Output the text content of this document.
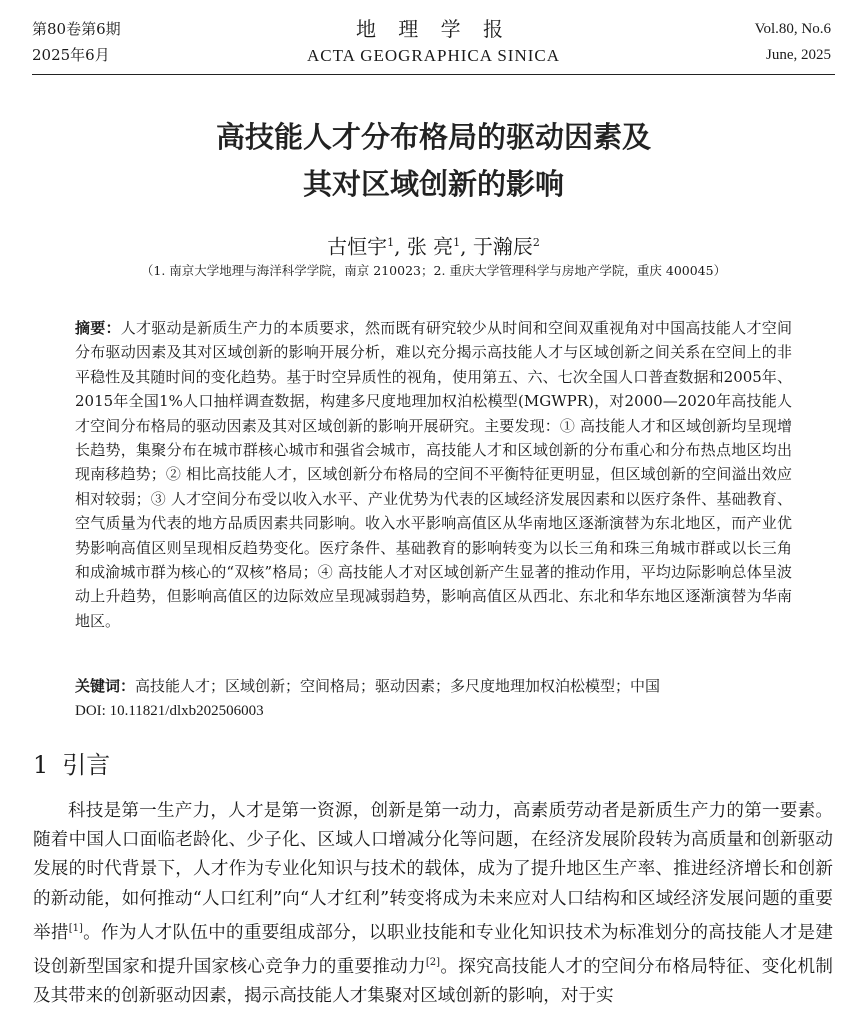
第80卷第6期
2025年6月
地 理 学 报
ACTA GEOGRAPHICA SINICA
Vol.80, No.6
June, 2025
高技能人才分布格局的驱动因素及
其对区域创新的影响
古恒宇$^1$, 张 亮$^1$, 于瀚辰$^2$
（1. 南京大学地理与海洋科学学院，南京 210023；2. 重庆大学管理科学与房地产学院，重庆 400045）
摘要：人才驱动是新质生产力的本质要求，然而既有研究较少从时间和空间双重视角对中国高技能人才空间分布驱动因素及其对区域创新的影响开展分析，难以充分揭示高技能人才与区域创新之间关系在空间上的非平稳性及其随时间的变化趋势。基于时空异质性的视角，使用第五、六、七次全国人口普查数据和2005年、2015年全国1%人口抽样调查数据，构建多尺度地理加权泊松模型(MGWPR)，对2000—2020年高技能人才空间分布格局的驱动因素及其对区域创新的影响开展研究。主要发现：① 高技能人才和区域创新均呈现增长趋势，集聚分布在城市群核心城市和强省会城市，高技能人才和区域创新的分布重心和分布热点地区均出现南移趋势；② 相比高技能人才，区域创新分布格局的空间不平衡特征更明显，但区域创新的空间溢出效应相对较弱；③ 人才空间分布受以收入水平、产业优势为代表的区域经济发展因素和以医疗条件、基础教育、空气质量为代表的地方品质因素共同影响。收入水平影响高值区从华南地区逐渐演替为东北地区，而产业优势影响高值区则呈现相反趋势变化。医疗条件、基础教育的影响转变为以长三角和珠三角城市群或以长三角和成渝城市群为核心的“双核”格局；④ 高技能人才对区域创新产生显著的推动作用，平均边际影响总体呈波动上升趋势，但影响高值区的边际效应呈现减弱趋势，影响高值区从西北、东北和华东地区逐渐演替为华南地区。
关键词：高技能人才；区域创新；空间格局；驱动因素；多尺度地理加权泊松模型；中国
DOI: 10.11821/dlxb202506003
1 引言
科技是第一生产力，人才是第一资源，创新是第一动力，高素质劳动者是新质生产力的第一要素。随着中国人口面临老龄化、少子化、区域人口增减分化等问题，在经济发展阶段转为高质量和创新驱动发展的时代背景下，人才作为专业化知识与技术的载体，成为了提升地区生产率、推进经济增长和创新的新动能，如何推动“人口红利”向“人才红利”转变将成为未来应对人口结构和区域经济发展问题的重要举措[1]。作为人才队伍中的重要组成部分，以职业技能和专业化知识技术为标准划分的高技能人才是建设创新型国家和提升国家核心竞争力的重要推动力[2]。探究高技能人才的空间分布格局特征、变化机制及其带来的创新驱动因素，揭示高技能人才集聚对区域创新的影响，对于实
